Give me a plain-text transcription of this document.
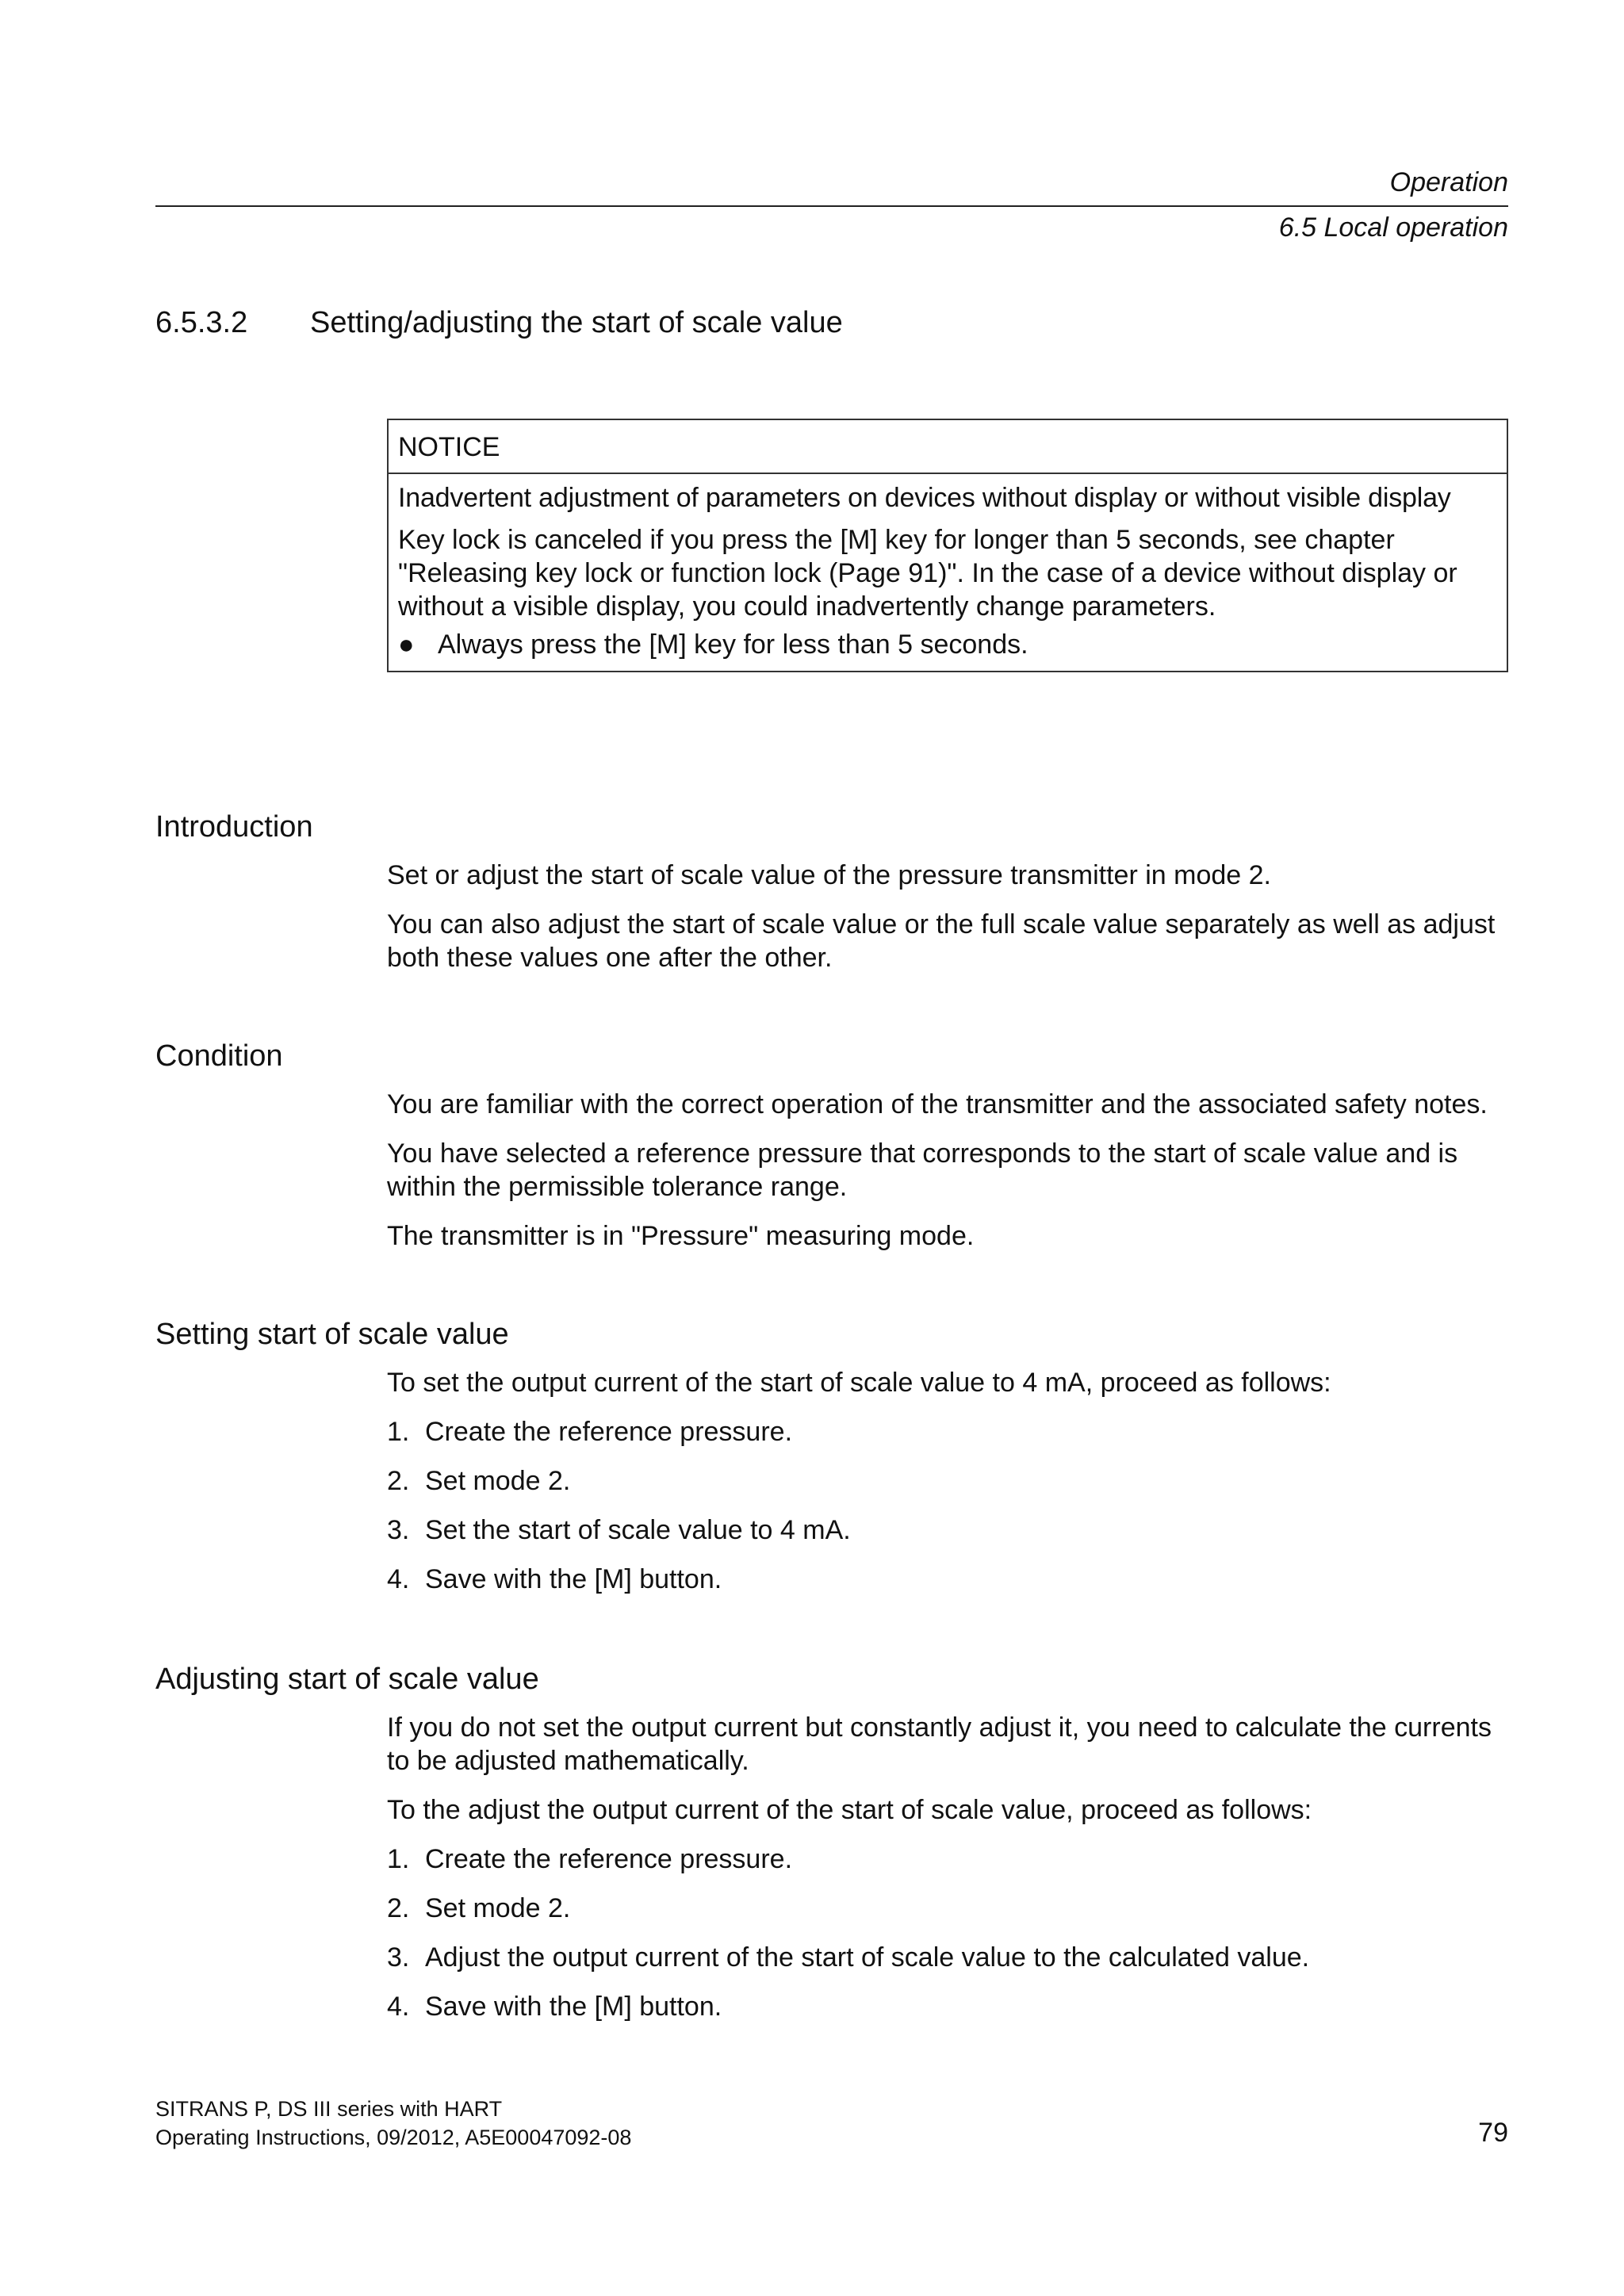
Operation
6.5 Local operation
6.5.3.2 Setting/adjusting the start of scale value
NOTICE
Inadvertent adjustment of parameters on devices without display or without visible display
Key lock is canceled if you press the [M] key for longer than 5 seconds, see chapter "Releasing key lock or function lock (Page 91)". In the case of a device without display or without a visible display, you could inadvertently change parameters.
● Always press the [M] key for less than 5 seconds.
Introduction
Set or adjust the start of scale value of the pressure transmitter in mode 2.
You can also adjust the start of scale value or the full scale value separately as well as adjust both these values one after the other.
Condition
You are familiar with the correct operation of the transmitter and the associated safety notes.
You have selected a reference pressure that corresponds to the start of scale value and is within the permissible tolerance range.
The transmitter is in "Pressure" measuring mode.
Setting start of scale value
To set the output current of the start of scale value to 4 mA, proceed as follows:
1. Create the reference pressure.
2. Set mode 2.
3. Set the start of scale value to 4 mA.
4. Save with the [M] button.
Adjusting start of scale value
If you do not set the output current but constantly adjust it, you need to calculate the currents to be adjusted mathematically.
To the adjust the output current of the start of scale value, proceed as follows:
1. Create the reference pressure.
2. Set mode 2.
3. Adjust the output current of the start of scale value to the calculated value.
4. Save with the [M] button.
SITRANS P, DS III series with HART
Operating Instructions, 09/2012, A5E00047092-08	79
